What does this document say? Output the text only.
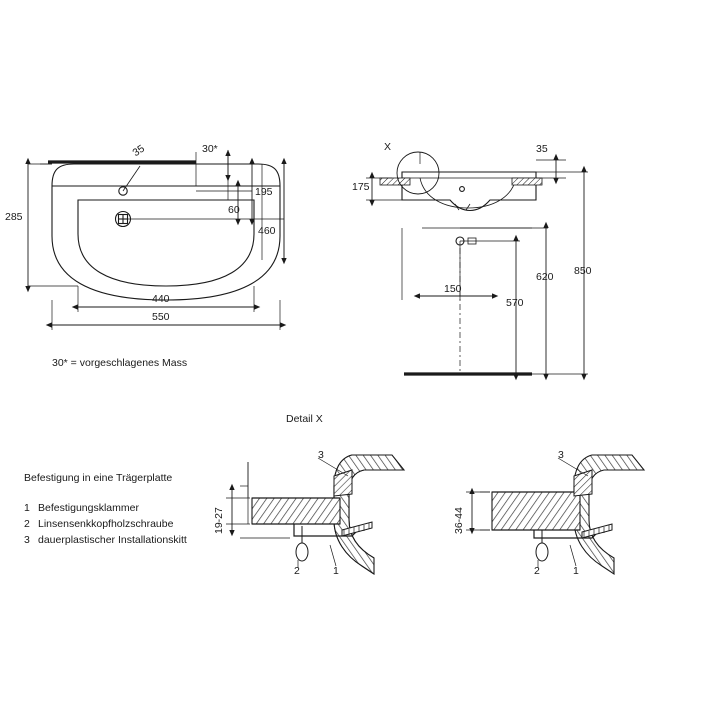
35	30*
195
60
460
285
440
550
30* = vorgeschlagenes Mass
X	35
175
150
570
620 850
Detail X
3
2	1
19-27
3
2	1
36-44
Befestigung in eine Trägerplatte
1 Befestigungsklammer
2 Linsensenkkopfholzschraube
3 dauerplastischer Installationskitt
